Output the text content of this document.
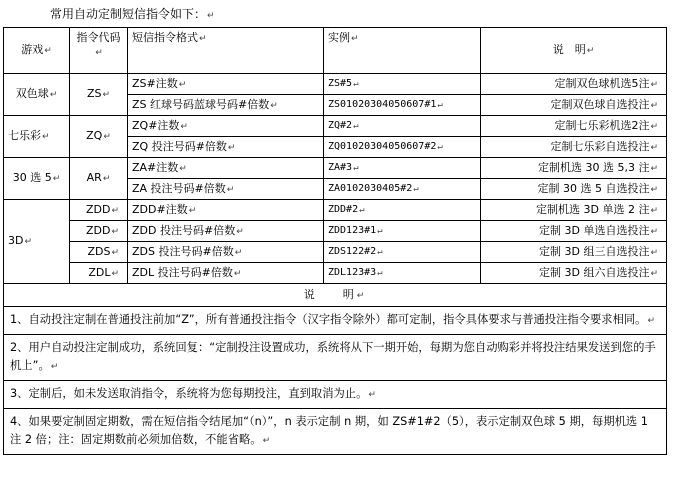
常用自动定制短信指令如下：↵
游戏↵	指令代码↵	短信指令格式↵	实例↵	说　明↵
双色球↵	ZS↵	ZS#注数↵	ZS#5↵	定制双色球机选5注↵
		ZS 红球号码蓝球号码#倍数↵	ZS01020304050607#1↵	定制双色球自选投注↵
七乐彩↵	ZQ↵	ZQ#注数↵	ZQ#2↵	定制七乐彩机选2注↵
		ZQ 投注号码#倍数↵	ZQ01020304050607#2↵	定制七乐彩自选投注↵
30 选 5↵	AR↵	ZA#注数↵	ZA#3↵	定制机选 30 选 5,3 注↵
		ZA 投注号码#倍数↵	ZA0102030405#2↵	定制 30 选 5 自选投注↵
3D↵	ZDD↵	ZDD#注数↵	ZDD#2↵	定制机选 3D 单选 2 注↵
	ZDD↵	ZDD 投注号码#倍数↵	ZDD123#1↵	定制 3D 单选自选投注↵
	ZDS↵	ZDS 投注号码#倍数↵	ZDS122#2↵	定制 3D 组三自选投注↵
	ZDL↵	ZDL 投注号码#倍数↵	ZDL123#3↵	定制 3D 组六自选投注↵
说　　明↵				
1、自动投注定制在普通投注前加“Z”，所有普通投注指令（汉字指令除外）都可定制，指令具体要求与普通投注指令要求相同。↵				
2、用户自动投注定制成功，系统回复：“定制投注设置成功，系统将从下一期开始，每期为您自动购彩并将投注结果发送到您的手机上”。↵				
3、定制后，如未发送取消指令，系统将为您每期投注，直到取消为止。↵				
4、如果要定制固定期数，需在短信指令结尾加“（n）”，n 表示定制 n 期，如 ZS#1#2（5），表示定制双色球 5 期，每期机选 1 注 2 倍；注：固定期数前必须加倍数，不能省略。↵				
